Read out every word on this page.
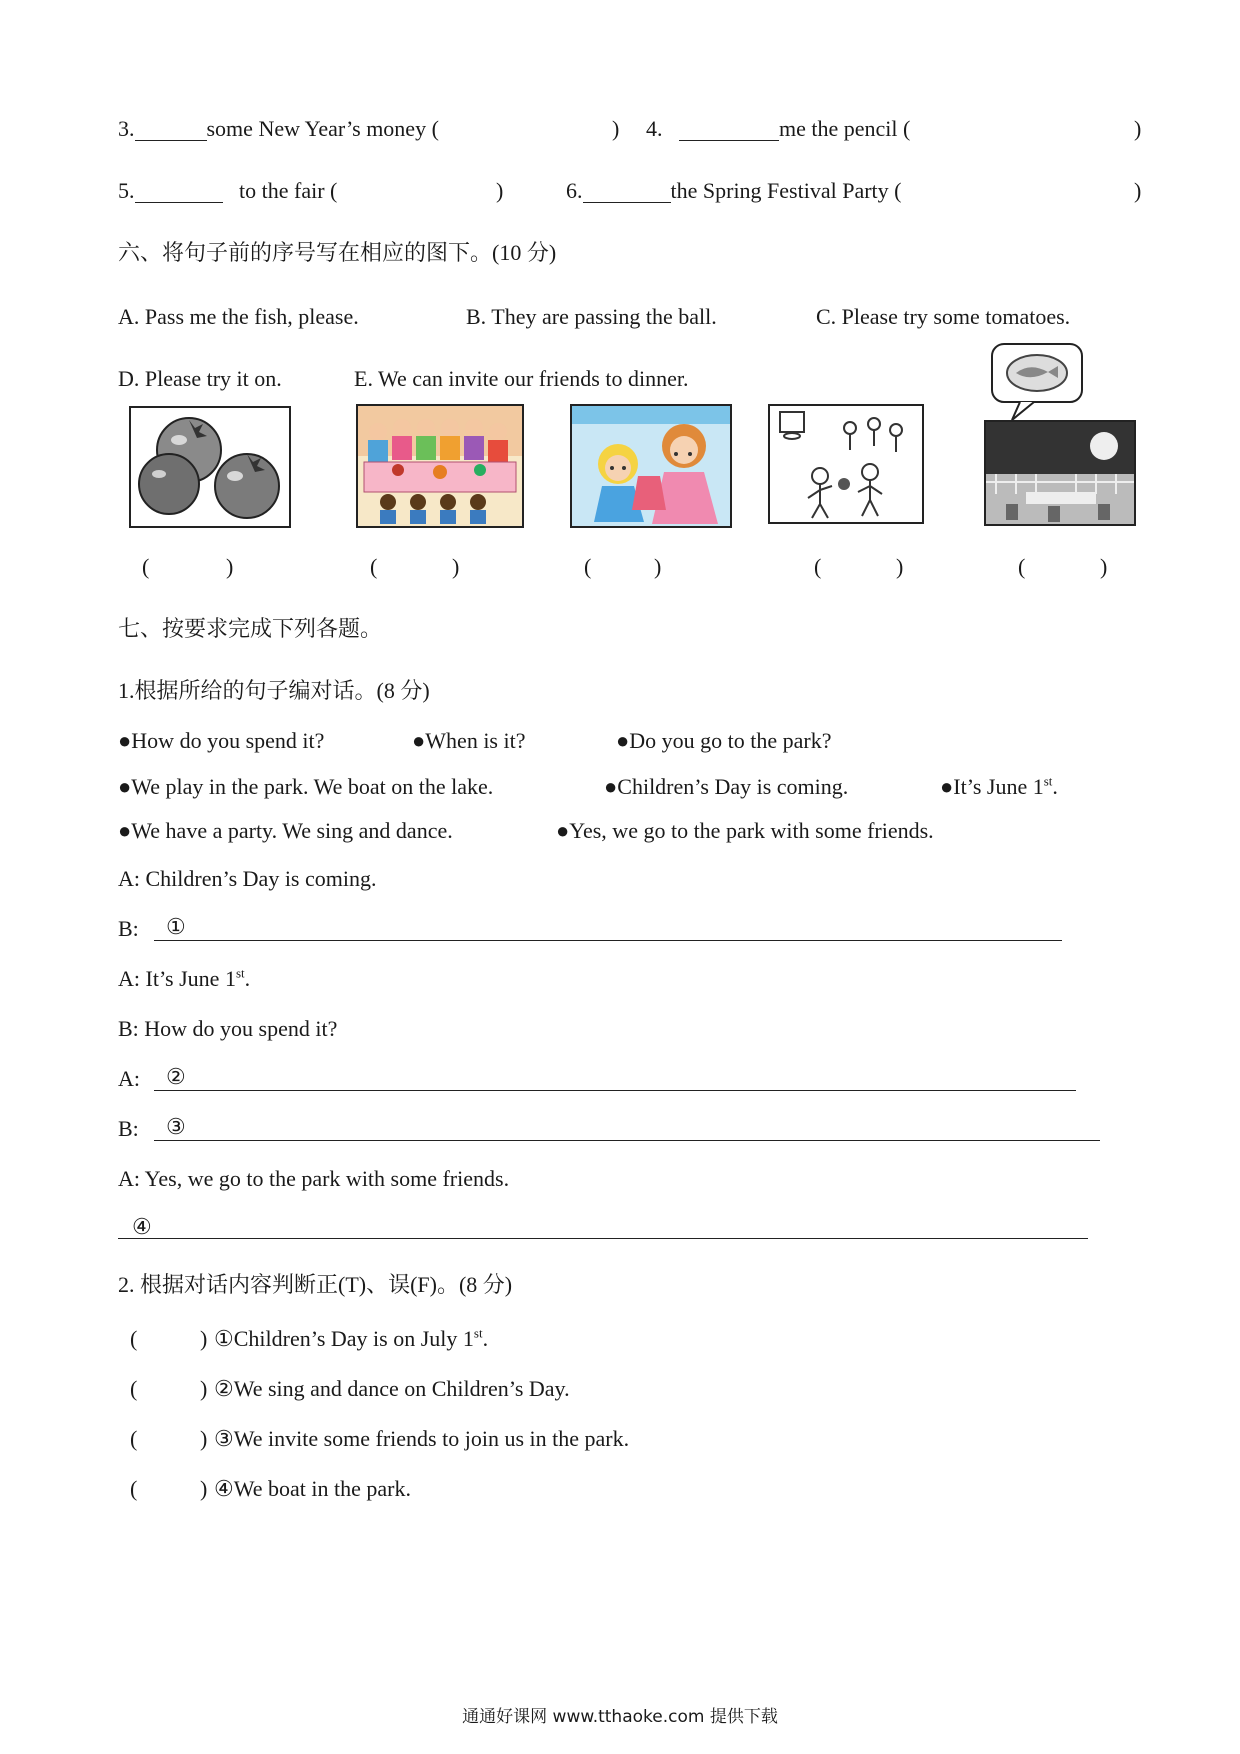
3.	some New Year’s money (	) 4.	me the pencil (	)
5.	to the fair (	)	6.	the Spring Festival Party (	)
六、将句子前的序号写在相应的图下。(10 分)
A. Pass me the fish, please.	B. They are passing the ball.	C. Please try some tomatoes.
D. Please try it on.	E. We can invite our friends to dinner.
(	)	(	)	(	)	(	)	(	)
七、按要求完成下列各题。
1.根据所给的句子编对话。(8 分)
●How do you spend it?	●When is it?	●Do you go to the park?
●We play in the park. We boat on the lake.	●Children’s Day is coming.	●It’s June 1st.
●We have a party. We sing and dance.	●Yes, we go to the park with some friends.
A: Children’s Day is coming.
B: ①
A: It’s June 1st.
B: How do you spend it?
A: ②
B: ③
A: Yes, we go to the park with some friends.
④
2. 根据对话内容判断正(T)、误(F)。(8 分)
(	) ①Children’s Day is on July 1st.
(	) ②We sing and dance on Children’s Day.
(	) ③We invite some friends to join us in the park.
(	) ④We boat in the park.
通通好课网 www.tthaoke.com 提供下载
